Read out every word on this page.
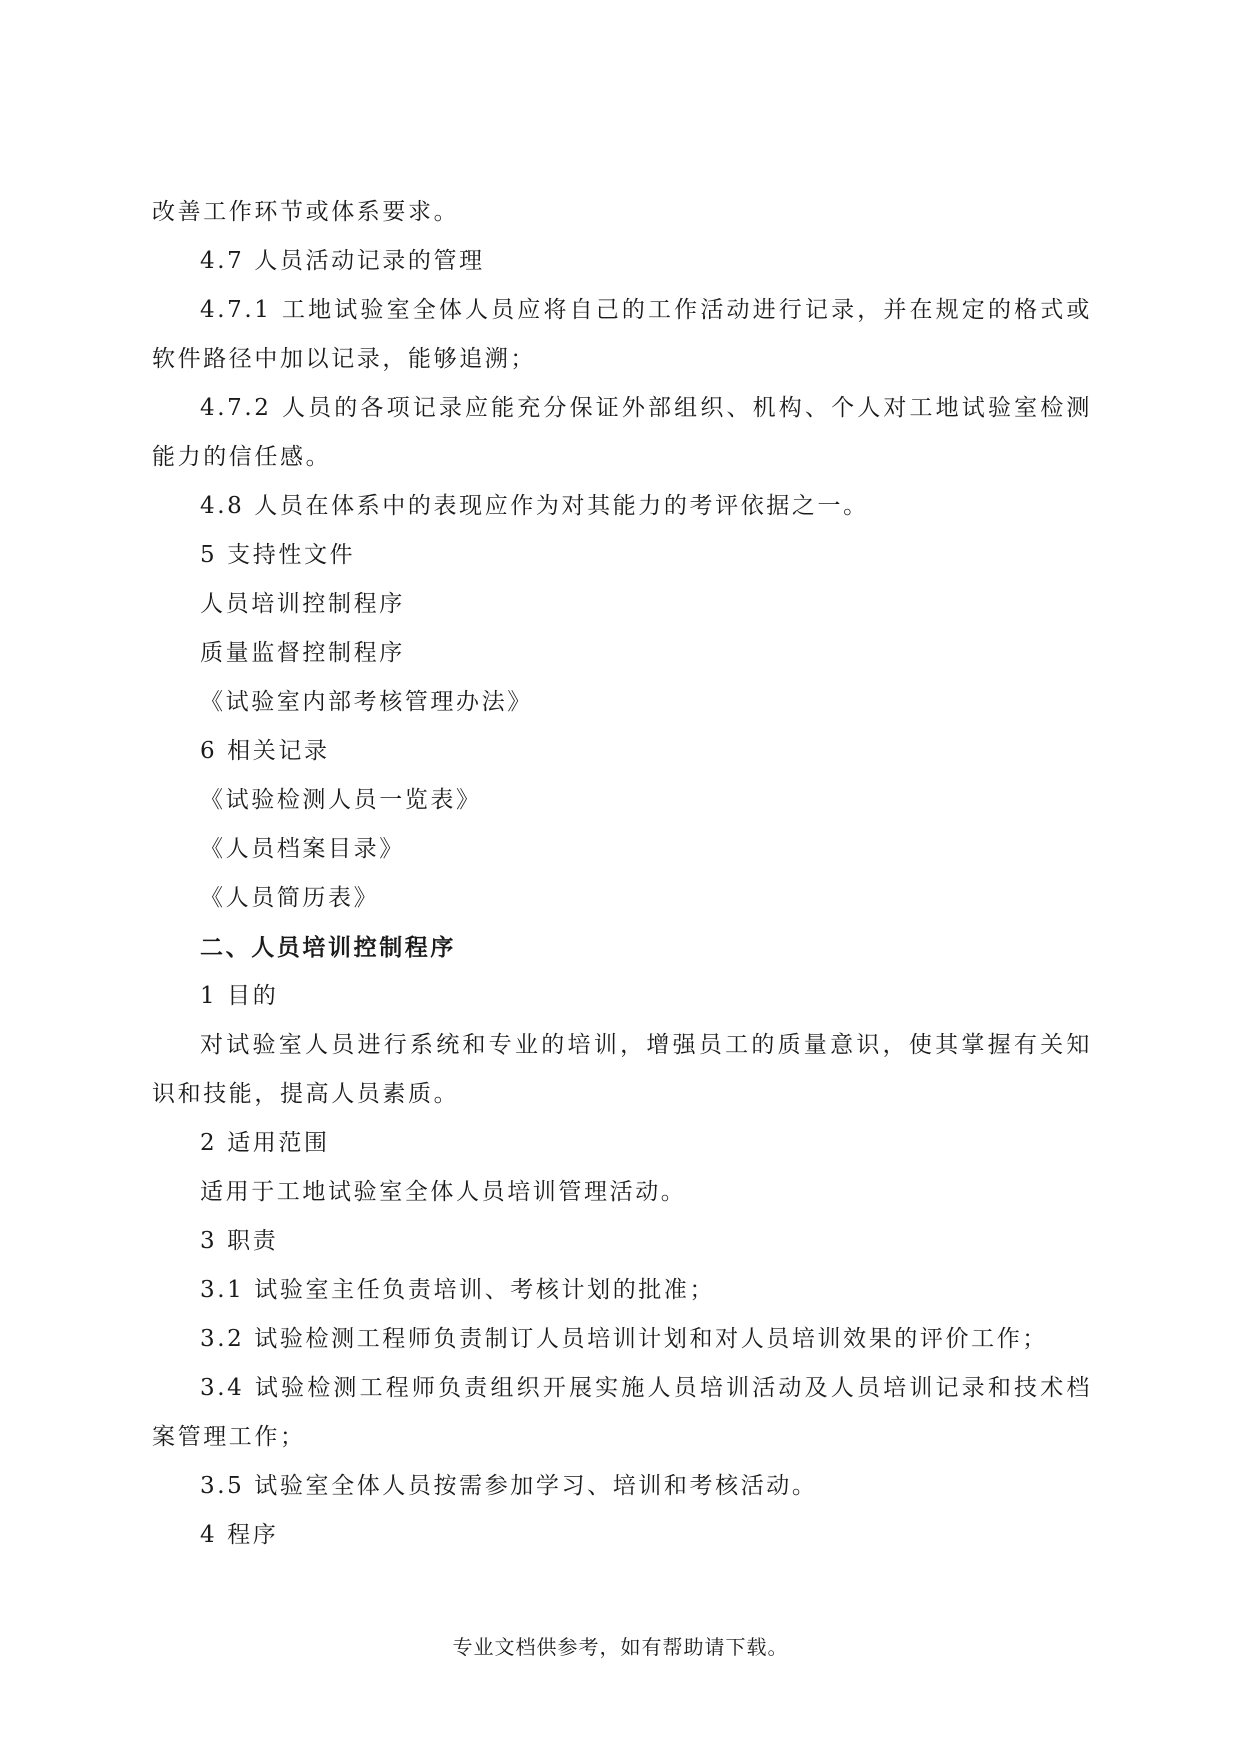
改善工作环节或体系要求。

4.7 人员活动记录的管理

4.7.1 工地试验室全体人员应将自己的工作活动进行记录，并在规定的格式或软件路径中加以记录，能够追溯；

4.7.2 人员的各项记录应能充分保证外部组织、机构、个人对工地试验室检测能力的信任感。

4.8 人员在体系中的表现应作为对其能力的考评依据之一。

5 支持性文件

人员培训控制程序

质量监督控制程序

《试验室内部考核管理办法》

6 相关记录

《试验检测人员一览表》

《人员档案目录》

《人员简历表》

二、人员培训控制程序

1 目的

对试验室人员进行系统和专业的培训，增强员工的质量意识，使其掌握有关知识和技能，提高人员素质。

2 适用范围

适用于工地试验室全体人员培训管理活动。

3 职责

3.1 试验室主任负责培训、考核计划的批准；

3.2 试验检测工程师负责制订人员培训计划和对人员培训效果的评价工作；

3.4 试验检测工程师负责组织开展实施人员培训活动及人员培训记录和技术档案管理工作；

3.5 试验室全体人员按需参加学习、培训和考核活动。

4 程序

专业文档供参考，如有帮助请下载。
